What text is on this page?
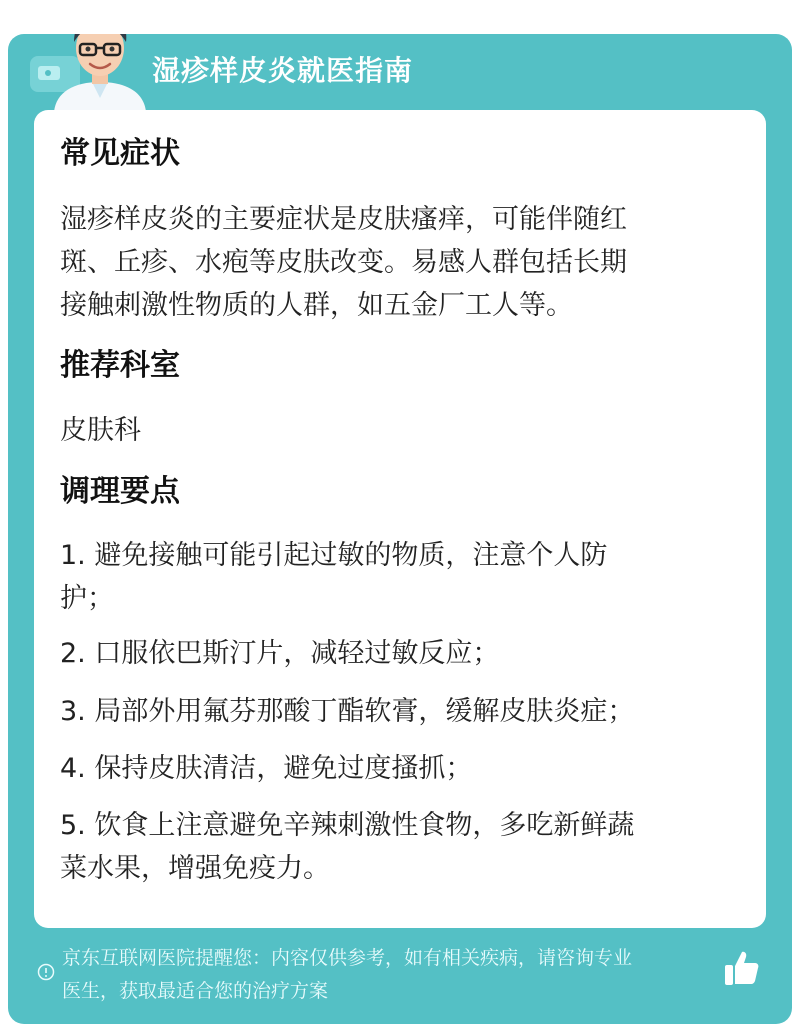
湿疹样皮炎就医指南
常见症状
湿疹样皮炎的主要症状是皮肤瘙痒，可能伴随红
斑、丘疹、水疱等皮肤改变。易感人群包括长期
接触刺激性物质的人群，如五金厂工人等。
推荐科室
皮肤科
调理要点
1. 避免接触可能引起过敏的物质，注意个人防
护；
2. 口服依巴斯汀片，减轻过敏反应；
3. 局部外用氟芬那酸丁酯软膏，缓解皮肤炎症；
4. 保持皮肤清洁，避免过度搔抓；
5. 饮食上注意避免辛辣刺激性食物，多吃新鲜蔬
菜水果，增强免疫力。
京东互联网医院提醒您：内容仅供参考，如有相关疾病，请咨询专业
医生，获取最适合您的治疗方案
